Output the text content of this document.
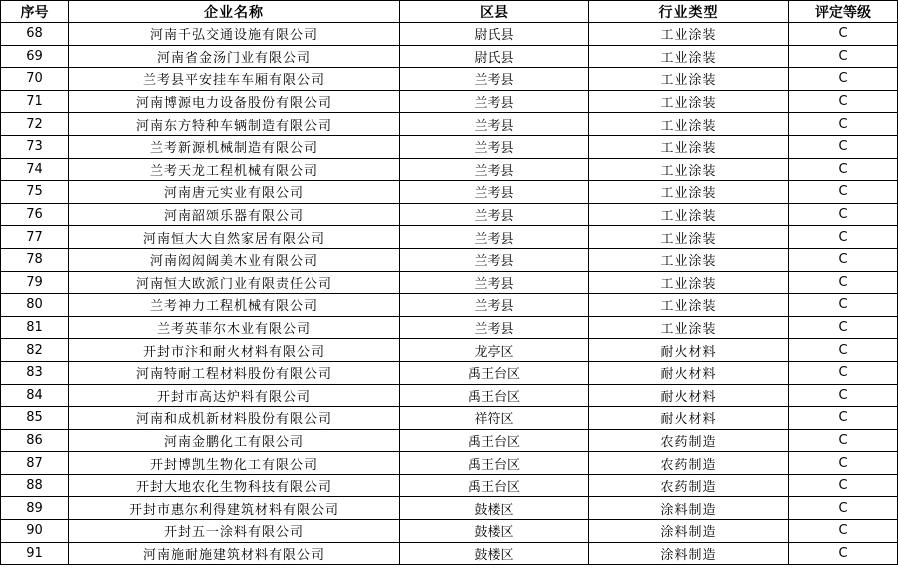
序号	企业名称	区县	行业类型	评定等级
68	河南千弘交通设施有限公司	尉氏县	工业涂装	C
69	河南省金汤门业有限公司	尉氏县	工业涂装	C
70	兰考县平安挂车车厢有限公司	兰考县	工业涂装	C
71	河南博源电力设备股份有限公司	兰考县	工业涂装	C
72	河南东方特种车辆制造有限公司	兰考县	工业涂装	C
73	兰考新源机械制造有限公司	兰考县	工业涂装	C
74	兰考天龙工程机械有限公司	兰考县	工业涂装	C
75	河南唐元实业有限公司	兰考县	工业涂装	C
76	河南韶颂乐器有限公司	兰考县	工业涂装	C
77	河南恒大大自然家居有限公司	兰考县	工业涂装	C
78	河南闳闳阔美木业有限公司	兰考县	工业涂装	C
79	河南恒大欧派门业有限责任公司	兰考县	工业涂装	C
80	兰考神力工程机械有限公司	兰考县	工业涂装	C
81	兰考英菲尔木业有限公司	兰考县	工业涂装	C
82	开封市汴和耐火材料有限公司	龙亭区	耐火材料	C
83	河南特耐工程材料股份有限公司	禹王台区	耐火材料	C
84	开封市高达炉料有限公司	禹王台区	耐火材料	C
85	河南和成机新材料股份有限公司	祥符区	耐火材料	C
86	河南金鹏化工有限公司	禹王台区	农药制造	C
87	开封博凯生物化工有限公司	禹王台区	农药制造	C
88	开封大地农化生物科技有限公司	禹王台区	农药制造	C
89	开封市惠尔利得建筑材料有限公司	鼓楼区	涂料制造	C
90	开封五一涂料有限公司	鼓楼区	涂料制造	C
91	河南施耐施建筑材料有限公司	鼓楼区	涂料制造	C
